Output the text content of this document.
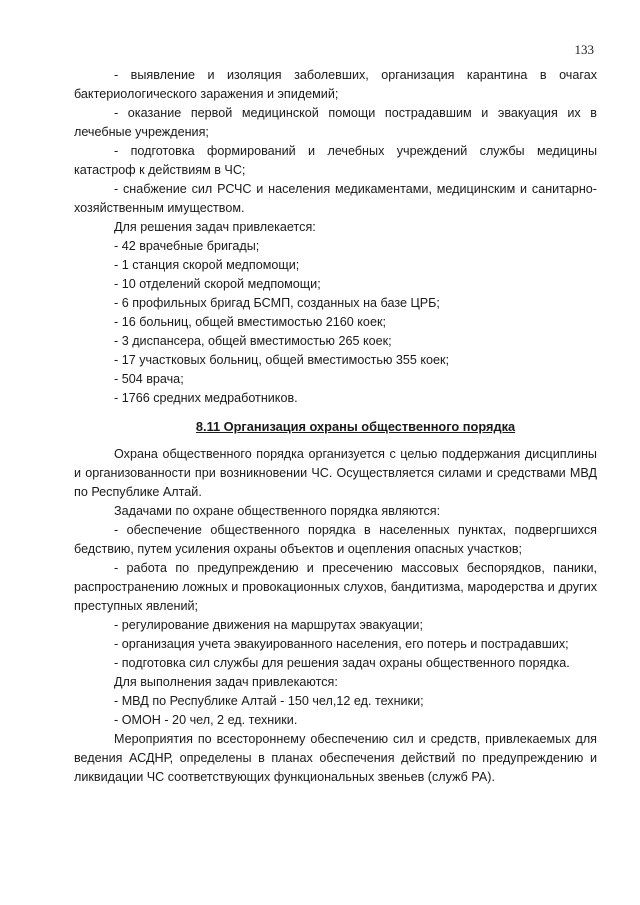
133

- выявление и изоляция заболевших, организация карантина в очагах бактериологического заражения и эпидемий;

- оказание первой медицинской помощи пострадавшим и эвакуация их в лечебные учреждения;

- подготовка формирований и лечебных учреждений службы медицины катастроф к действиям в ЧС;

- снабжение сил РСЧС и населения медикаментами, медицинским и санитарно-хозяйственным имуществом.

Для решения задач привлекается:

- 42 врачебные бригады;

- 1 станция скорой медпомощи;

- 10 отделений скорой медпомощи;

- 6 профильных бригад БСМП, созданных на базе ЦРБ;

- 16 больниц, общей вместимостью 2160 коек;

- 3 диспансера, общей вместимостью 265 коек;

- 17 участковых больниц, общей вместимостью 355 коек;

- 504 врача;

- 1766 средних медработников.

8.11 Организация охраны общественного порядка

Охрана общественного порядка организуется с целью поддержания дисциплины и организованности при возникновении ЧС. Осуществляется силами и средствами МВД по Республике Алтай.

Задачами по охране общественного порядка являются:

- обеспечение общественного порядка в населенных пунктах, подвергшихся бедствию, путем усиления охраны объектов и оцепления опасных участков;

- работа по предупреждению и пресечению массовых беспорядков, паники, распространению ложных и провокационных слухов, бандитизма, мародерства и других преступных явлений;

- регулирование движения на маршрутах эвакуации;

- организация учета эвакуированного населения, его потерь и пострадавших;

- подготовка сил службы для решения задач охраны общественного порядка.

Для выполнения задач привлекаются:

- МВД по Республике Алтай - 150 чел,12 ед. техники;

- ОМОН - 20 чел, 2 ед. техники.

Мероприятия по всестороннему обеспечению сил и средств, привлекаемых для ведения АСДНР, определены в планах обеспечения действий по предупреждению и ликвидации ЧС соответствующих функциональных звеньев (служб РА).
